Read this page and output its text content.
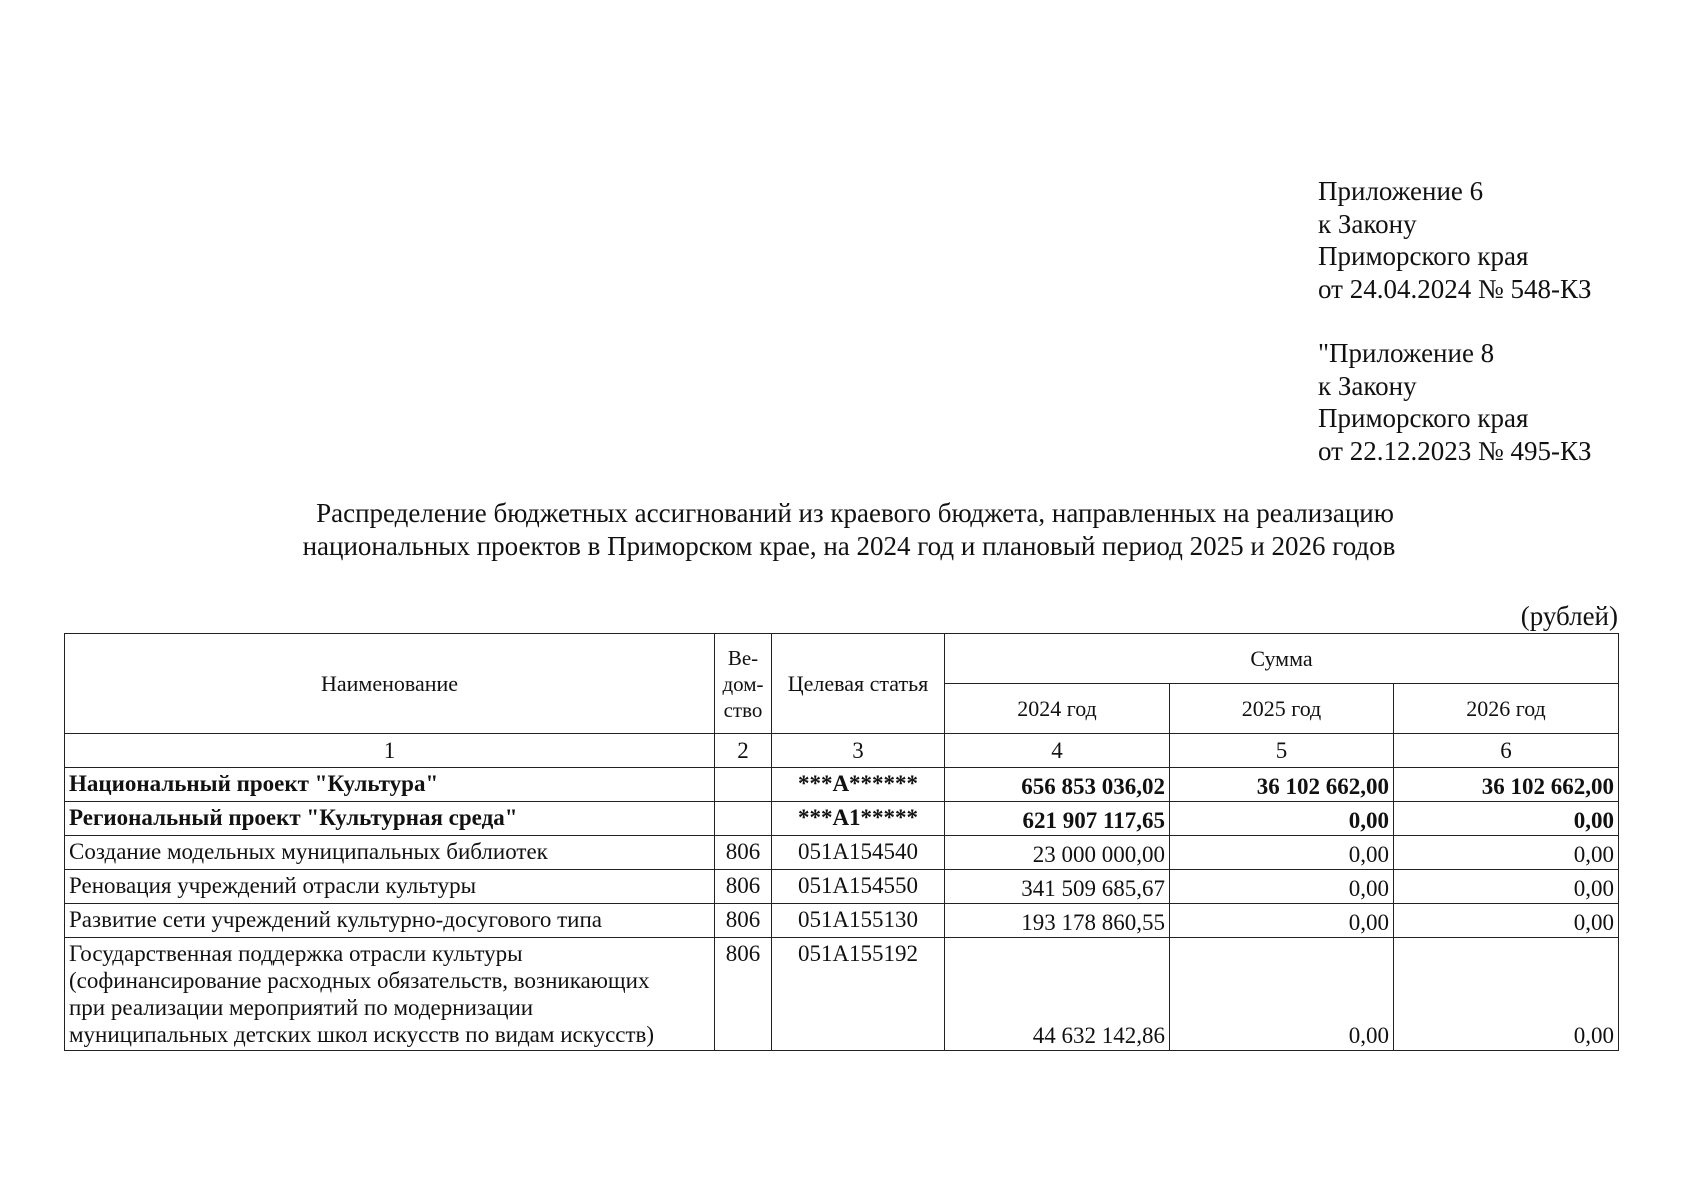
Приложение 6
к Закону
Приморского края
от 24.04.2024 № 548-КЗ
"Приложение 8
к Закону
Приморского края
от 22.12.2023 № 495-КЗ
Распределение бюджетных ассигнований из краевого бюджета, направленных на реализацию
национальных проектов в Приморском крае, на 2024 год и плановый период 2025 и 2026 годов
(рублей)
Наименование	Ве-
дом-
ство	Целевая статья	Сумма		
			2024 год	2025 год	2026 год
1	2	3	4	5	6
Национальный проект "Культура"		***А******	656 853 036,02	36 102 662,00	36 102 662,00
Региональный проект "Культурная среда"		***А1*****	621 907 117,65	0,00	0,00
Создание модельных муниципальных библиотек	806	051А154540	23 000 000,00	0,00	0,00
Реновация учреждений отрасли культуры	806	051А154550	341 509 685,67	0,00	0,00
Развитие сети учреждений культурно-досугового типа	806	051А155130	193 178 860,55	0,00	0,00

Государственная поддержка отрасли культуры
(софинансирование расходных обязательств, возникающих
при реализации мероприятий по модернизации
муниципальных детских школ искусств по видам искусств)	806	051А155192	44 632 142,86	0,00	0,00
